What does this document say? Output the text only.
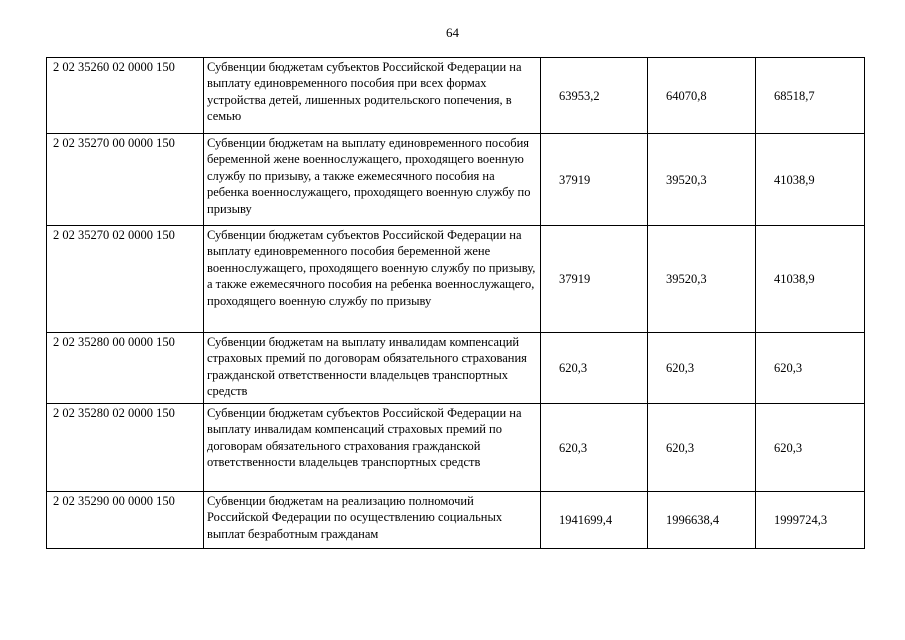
64
2 02 35260 02 0000 150	Субвенции бюджетам субъектов Российской Федерации на выплату единовременного пособия при всех формах устройства детей, лишенных родительского попечения, в семью	63953,2	64070,8	68518,7
2 02 35270 00 0000 150	Субвенции бюджетам на выплату единовременного пособия беременной жене военнослужащего, проходящего военную службу по призыву, а также ежемесячного пособия на ребенка военнослужащего, проходящего военную службу по призыву	37919	39520,3	41038,9
2 02 35270 02 0000 150	Субвенции бюджетам субъектов Российской Федерации на выплату единовременного пособия беременной жене военнослужащего, проходящего военную службу по призыву, а также ежемесячного пособия на ребенка военнослужащего, проходящего военную службу по призыву	37919	39520,3	41038,9
2 02 35280 00 0000 150	Субвенции бюджетам на выплату инвалидам компенсаций страховых премий по договорам обязательного страхования гражданской ответственности владельцев транспортных средств	620,3	620,3	620,3
2 02 35280 02 0000 150	Субвенции бюджетам субъектов Российской Федерации на выплату инвалидам компенсаций страховых премий по договорам обязательного страхования гражданской ответственности владельцев транспортных средств	620,3	620,3	620,3
2 02 35290 00 0000 150	Субвенции бюджетам на реализацию полномочий Российской Федерации по осуществлению социальных выплат безработным гражданам	1941699,4	1996638,4	1999724,3
